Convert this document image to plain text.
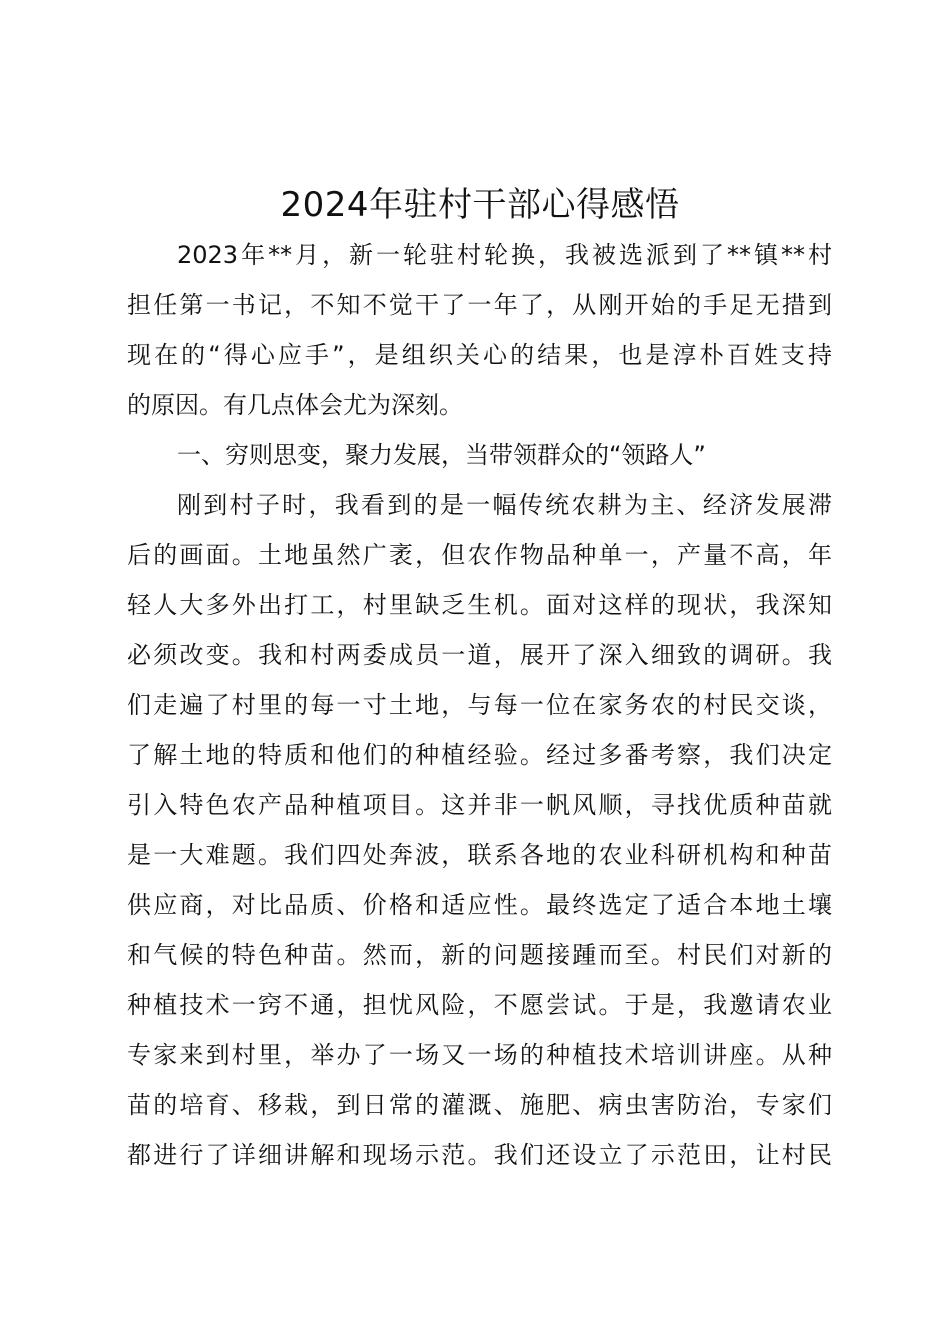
2024年驻村干部心得感悟
2023年**月，新一轮驻村轮换，我被选派到了**镇**村
担任第一书记，不知不觉干了一年了，从刚开始的手足无措到
现在的“得心应手”，是组织关心的结果，也是淳朴百姓支持
的原因。有几点体会尤为深刻。
一、穷则思变，聚力发展，当带领群众的“领路人”
刚到村子时，我看到的是一幅传统农耕为主、经济发展滞
后的画面。土地虽然广袤，但农作物品种单一，产量不高，年
轻人大多外出打工，村里缺乏生机。面对这样的现状，我深知
必须改变。我和村两委成员一道，展开了深入细致的调研。我
们走遍了村里的每一寸土地，与每一位在家务农的村民交谈，
了解土地的特质和他们的种植经验。经过多番考察，我们决定
引入特色农产品种植项目。这并非一帆风顺，寻找优质种苗就
是一大难题。我们四处奔波，联系各地的农业科研机构和种苗
供应商，对比品质、价格和适应性。最终选定了适合本地土壤
和气候的特色种苗。然而，新的问题接踵而至。村民们对新的
种植技术一窍不通，担忧风险，不愿尝试。于是，我邀请农业
专家来到村里，举办了一场又一场的种植技术培训讲座。从种
苗的培育、移栽，到日常的灌溉、施肥、病虫害防治，专家们
都进行了详细讲解和现场示范。我们还设立了示范田，让村民
